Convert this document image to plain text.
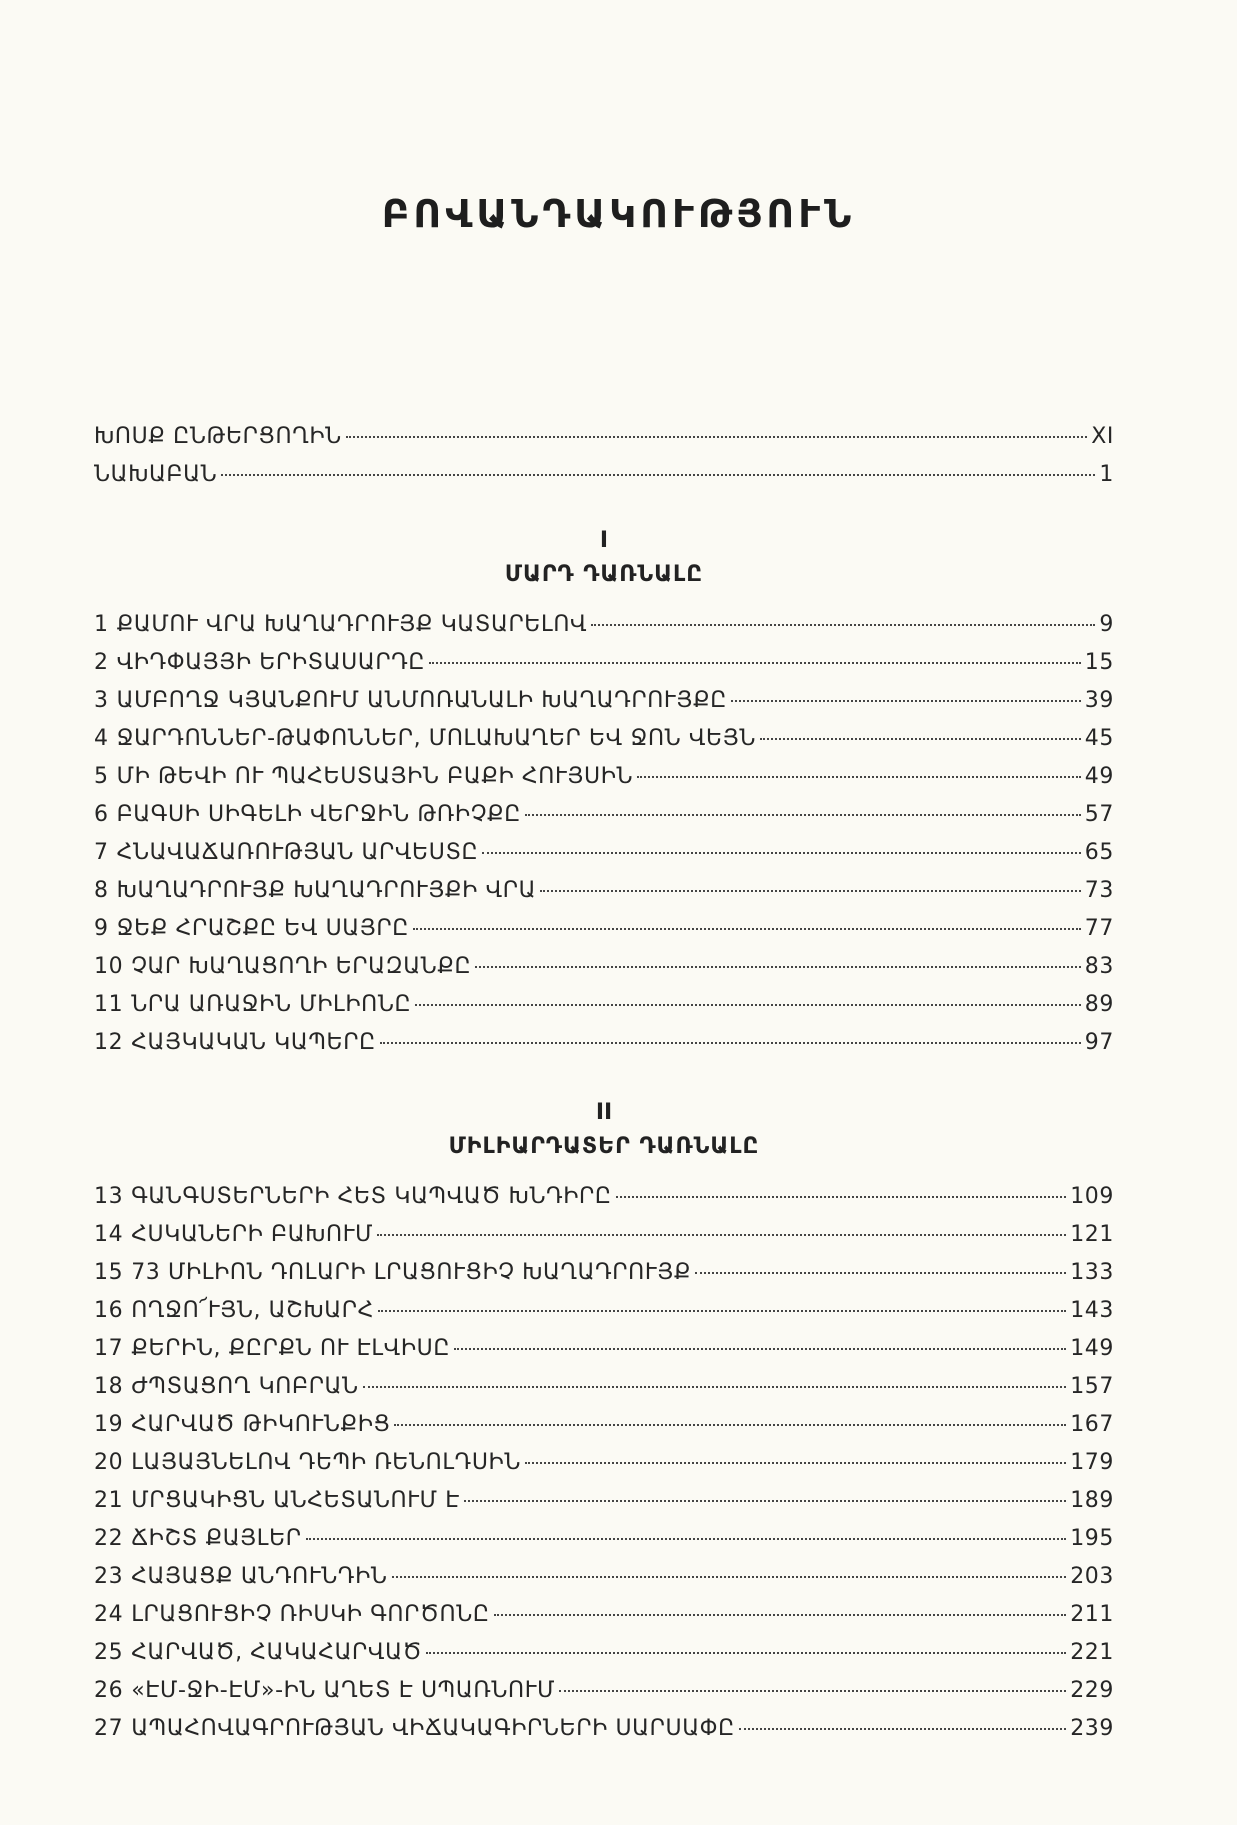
ԲՈՎԱՆԴԱԿՈՒԹՅՈՒՆ
ԽՈՍՔ ԸՆԹԵՐՑՈՂԻՆ	XI
ՆԱԽԱԲԱՆ	1
I
ՄԱՐԴ ԴԱՌՆԱԼԸ
1 ՔԱՄՈՒ ՎՐԱ ԽԱՂԱԴՐՈՒՅՔ ԿԱՏԱՐԵԼՈՎ	9
2 ՎԻԴՓԱՅՅԻ ԵՐԻՏԱՍԱՐԴԸ	15
3 ԱՄԲՈՂՋ ԿՅԱՆՔՈՒՄ ԱՆՄՈՌԱՆԱԼԻ ԽԱՂԱԴՐՈՒՅՔԸ	39
4 ՋԱՐԴՈՆՆԵՐ-ԹԱՓՈՆՆԵՐ, ՄՈԼԱԽԱՂԵՐ ԵՎ ՋՈՆ ՎԵՅՆ	45
5 ՄԻ ԹԵՎԻ ՈՒ ՊԱՀԵՍՏԱՅԻՆ ԲԱՔԻ ՀՈՒՅՍԻՆ	49
6 ԲԱԳՍԻ ՍԻԳԵԼԻ ՎԵՐՋԻՆ ԹՌԻՉՔԸ	57
7 ՀՆԱՎԱՃԱՌՈՒԹՅԱՆ ԱՐՎԵՍՏԸ	65
8 ԽԱՂԱԴՐՈՒՅՔ ԽԱՂԱԴՐՈՒՅՔԻ ՎՐԱ	73
9 ՋԵՔ ՀՐԱՇՔԸ ԵՎ ՍԱՅՐԸ	77
10 ՉԱՐ ԽԱՂԱՑՈՂԻ ԵՐԱԶԱՆՔԸ	83
11 ՆՐԱ ԱՌԱՋԻՆ ՄԻԼԻՈՆԸ	89
12 ՀԱՅԿԱԿԱՆ ԿԱՊԵՐԸ	97
II
ՄԻԼԻԱՐԴԱՏԵՐ ԴԱՌՆԱԼԸ
13 ԳԱՆԳՍՏԵՐՆԵՐԻ ՀԵՏ ԿԱՊՎԱԾ ԽՆԴԻՐԸ	109
14 ՀՍԿԱՆԵՐԻ ԲԱԽՈՒՄ	121
15 73 ՄԻԼԻՈՆ ԴՈԼԱՐԻ ԼՐԱՑՈՒՑԻՉ ԽԱՂԱԴՐՈՒՅՔ	133
16 ՈՂՋՈ՜ՒՅՆ, ԱՇԽԱՐՀ	143
17 ՔԵՐԻՆ, ՔԸՐՔՆ ՈՒ ԷԼՎԻՍԸ	149
18 ԺՊՏԱՑՈՂ ԿՈԲՐԱՆ	157
19 ՀԱՐՎԱԾ ԹԻԿՈՒՆՔԻՑ	167
20 ԼԱՅԱՅՆԵԼՈՎ ԴԵՊԻ ՌԵՆՈԼԴՍԻՆ	179
21 ՄՐՑԱԿԻՑՆ ԱՆՀԵՏԱՆՈՒՄ Է	189
22 ՃԻՇՏ ՔԱՅԼԵՐ	195
23 ՀԱՅԱՑՔ ԱՆԴՈՒՆԴԻՆ	203
24 ԼՐԱՑՈՒՑԻՉ ՌԻՍԿԻ ԳՈՐԾՈՆԸ	211
25 ՀԱՐՎԱԾ, ՀԱԿԱՀԱՐՎԱԾ	221
26 «ԷՄ-ՋԻ-ԷՄ»-ԻՆ ԱՂԵՏ Է ՍՊԱՌՆՈՒՄ	229
27 ԱՊԱՀՈՎԱԳՐՈՒԹՅԱՆ ՎԻՃԱԿԱԳԻՐՆԵՐԻ ՍԱՐՍԱՓԸ	239
